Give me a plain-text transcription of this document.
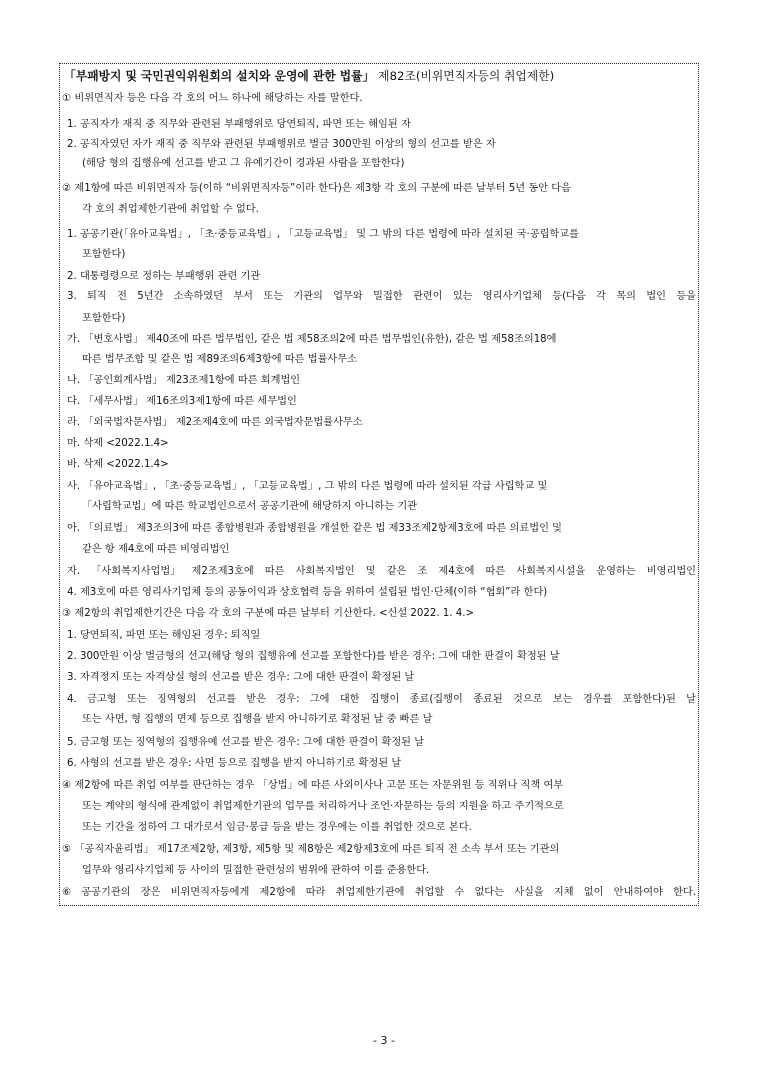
「부패방지 및 국민권익위원회의 설치와 운영에 관한 법률」 제82조(비위면직자등의 취업제한)
① 비위면직자 등은 다음 각 호의 어느 하나에 해당하는 자를 말한다.
1. 공직자가 재직 중 직무와 관련된 부패행위로 당연퇴직, 파면 또는 해임된 자
2. 공직자였던 자가 재직 중 직무와 관련된 부패행위로 벌금 300만원 이상의 형의 선고를 받은 자
(해당 형의 집행유예 선고를 받고 그 유예기간이 경과된 사람을 포함한다)
② 제1항에 따른 비위면직자 등(이하 “비위면직자등”이라 한다)은 제3항 각 호의 구분에 따른 날부터 5년 동안 다음
각 호의 취업제한기관에 취업할 수 없다.
1. 공공기관(「유아교육법」, 「초·중등교육법」, 「고등교육법」 및 그 밖의 다른 법령에 따라 설치된 국·공립학교를
포함한다)
2. 대통령령으로 정하는 부패행위 관련 기관
3. 퇴직 전 5년간 소속하였던 부서 또는 기관의 업무와 밀접한 관련이 있는 영리사기업체 등(다음 각 목의 법인 등을
포함한다)
가. 「변호사법」 제40조에 따른 법무법인, 같은 법 제58조의2에 따른 법무법인(유한), 같은 법 제58조의18에
따른 법무조합 및 같은 법 제89조의6제3항에 따른 법률사무소
나. 「공인회계사법」 제23조제1항에 따른 회계법인
다. 「세무사법」 제16조의3제1항에 따른 세무법인
라. 「외국법자문사법」 제2조제4호에 따른 외국법자문법률사무소
마. 삭제 <2022.1.4>
바. 삭제 <2022.1.4>
사. 「유아교육법」, 「초·중등교육법」, 「고등교육법」, 그 밖의 다른 법령에 따라 설치된 각급 사립학교 및
「사립학교법」에 따른 학교법인으로서 공공기관에 해당하지 아니하는 기관
아. 「의료법」 제3조의3에 따른 종합병원과 종합병원을 개설한 같은 법 제33조제2항제3호에 따른 의료법인 및
같은 항 제4호에 따른 비영리법인
자. 「사회복지사업법」 제2조제3호에 따른 사회복지법인 및 같은 조 제4호에 따른 사회복지시설을 운영하는 비영리법인
4. 제3호에 따른 영리사기업체 등의 공동이익과 상호협력 등을 위하여 설립된 법인·단체(이하 “협회”라 한다)
③ 제2항의 취업제한기간은 다음 각 호의 구분에 따른 날부터 기산한다. <신설 2022. 1. 4.>
1. 당연퇴직, 파면 또는 해임된 경우: 퇴직일
2. 300만원 이상 벌금형의 선고(해당 형의 집행유예 선고를 포함한다)를 받은 경우: 그에 대한 판결이 확정된 날
3. 자격정지 또는 자격상실 형의 선고를 받은 경우: 그에 대한 판결이 확정된 날
4. 금고형 또는 징역형의 선고를 받은 경우: 그에 대한 집행이 종료(집행이 종료된 것으로 보는 경우를 포함한다)된 날
또는 사면, 형 집행의 면제 등으로 집행을 받지 아니하기로 확정된 날 중 빠른 날
5. 금고형 또는 징역형의 집행유예 선고를 받은 경우: 그에 대한 판결이 확정된 날
6. 사형의 선고를 받은 경우: 사면 등으로 집행을 받지 아니하기로 확정된 날
④ 제2항에 따른 취업 여부를 판단하는 경우 「상법」에 따른 사외이사나 고문 또는 자문위원 등 직위나 직책 여부
또는 계약의 형식에 관계없이 취업제한기관의 업무를 처리하거나 조언·자문하는 등의 지원을 하고 주기적으로
또는 기간을 정하여 그 대가로서 임금·봉급 등을 받는 경우에는 이를 취업한 것으로 본다.
⑤ 「공직자윤리법」 제17조제2항, 제3항, 제5항 및 제8항은 제2항제3호에 따른 퇴직 전 소속 부서 또는 기관의
업무와 영리사기업체 등 사이의 밀접한 관련성의 범위에 관하여 이를 준용한다.
⑥ 공공기관의 장은 비위면직자등에게 제2항에 따라 취업제한기관에 취업할 수 없다는 사실을 지체 없이 안내하여야 한다.
- 3 -
